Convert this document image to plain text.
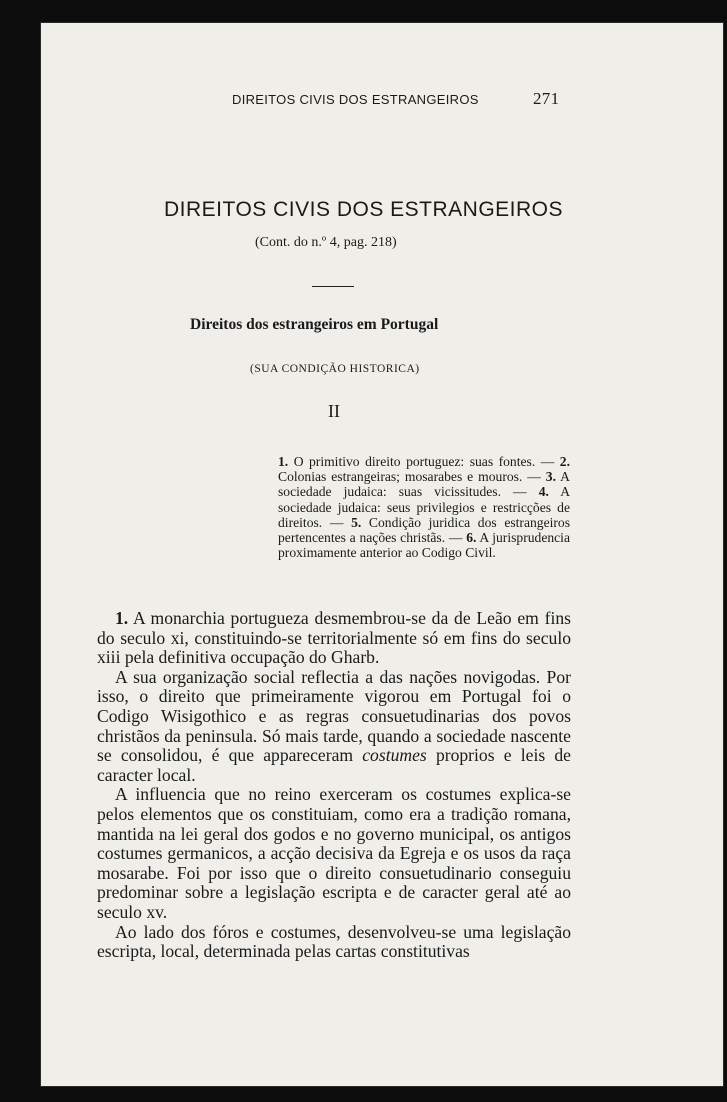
DIREITOS CIVIS DOS ESTRANGEIROS	271
DIREITOS CIVIS DOS ESTRANGEIROS
(Cont. do n.º 4, pag. 218)
Direitos dos estrangeiros em Portugal
(SUA CONDIÇÃO HISTORICA)
II
1. O primitivo direito portuguez: suas fontes. — 2. Colonias estrangeiras; mosarabes e mouros. — 3. A sociedade judaica: suas vicissitudes. — 4. A sociedade judaica: seus privilegios e restricções de direitos. — 5. Condição juridica dos estrangeiros pertencentes a nações christãs. — 6. A jurisprudencia proximamente anterior ao Codigo Civil.

1. A monarchia portugueza desmembrou-se da de Leão em fins do seculo xi, constituindo-se territorialmente só em fins do seculo xiii pela definitiva occupação do Gharb.

A sua organização social reflectia a das nações novigodas. Por isso, o direito que primeiramente vigorou em Portugal foi o Codigo Wisigothico e as regras consuetudinarias dos povos christãos da peninsula. Só mais tarde, quando a sociedade nascente se consolidou, é que appareceram costumes proprios e leis de caracter local.

A influencia que no reino exerceram os costumes explica-se pelos elementos que os constituiam, como era a tradição romana, mantida na lei geral dos godos e no governo municipal, os antigos costumes germanicos, a acção decisiva da Egreja e os usos da raça mosarabe. Foi por isso que o direito consuetudinario conseguiu predominar sobre a legislação escripta e de caracter geral até ao seculo xv.

Ao lado dos fóros e costumes, desenvolveu-se uma legislação escripta, local, determinada pelas cartas constitutivas
